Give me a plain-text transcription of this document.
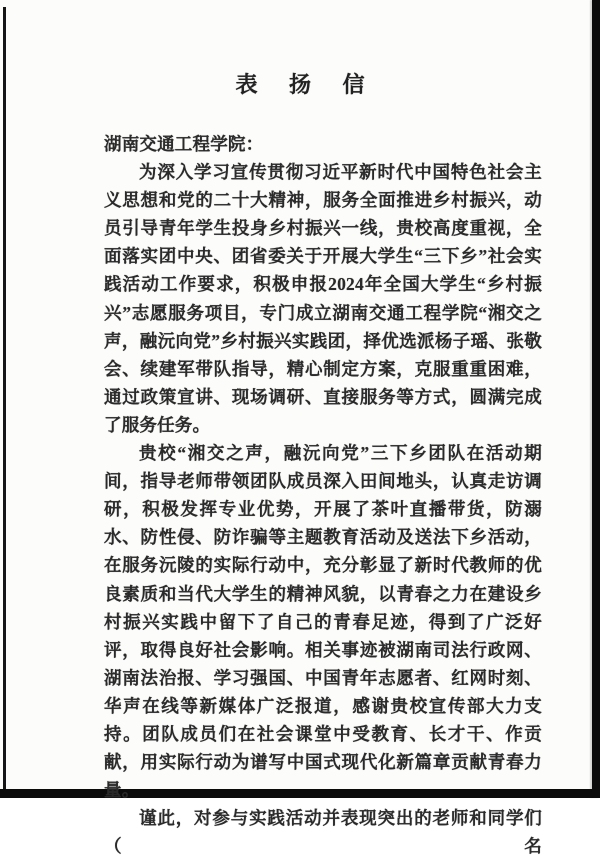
表 扬 信
湖南交通工程学院：

为深入学习宣传贯彻习近平新时代中国特色社会主义思想和党的二十大精神，服务全面推进乡村振兴，动员引导青年学生投身乡村振兴一线，贵校高度重视，全面落实团中央、团省委关于开展大学生“三下乡”社会实践活动工作要求，积极申报2024年全国大学生“乡村振兴”志愿服务项目，专门成立湖南交通工程学院“湘交之声，融沅向党”乡村振兴实践团，择优选派杨子瑶、张敬会、续建军带队指导，精心制定方案，克服重重困难，通过政策宣讲、现场调研、直接服务等方式，圆满完成了服务任务。

贵校“湘交之声，融沅向党”三下乡团队在活动期间，指导老师带领团队成员深入田间地头，认真走访调研，积极发挥专业优势，开展了茶叶直播带货，防溺水、防性侵、防诈骗等主题教育活动及送法下乡活动，在服务沅陵的实际行动中，充分彰显了新时代教师的优良素质和当代大学生的精神风貌，以青春之力在建设乡村振兴实践中留下了自己的青春足迹，得到了广泛好评，取得良好社会影响。相关事迹被湖南司法行政网、湖南法治报、学习强国、中国青年志愿者、红网时刻、华声在线等新媒体广泛报道，感谢贵校宣传部大力支持。团队成员们在社会课堂中受教育、长才干、作贡献，用实际行动为谱写中国式现代化新篇章贡献青春力量。

谨此，对参与实践活动并表现突出的老师和同学们（名
